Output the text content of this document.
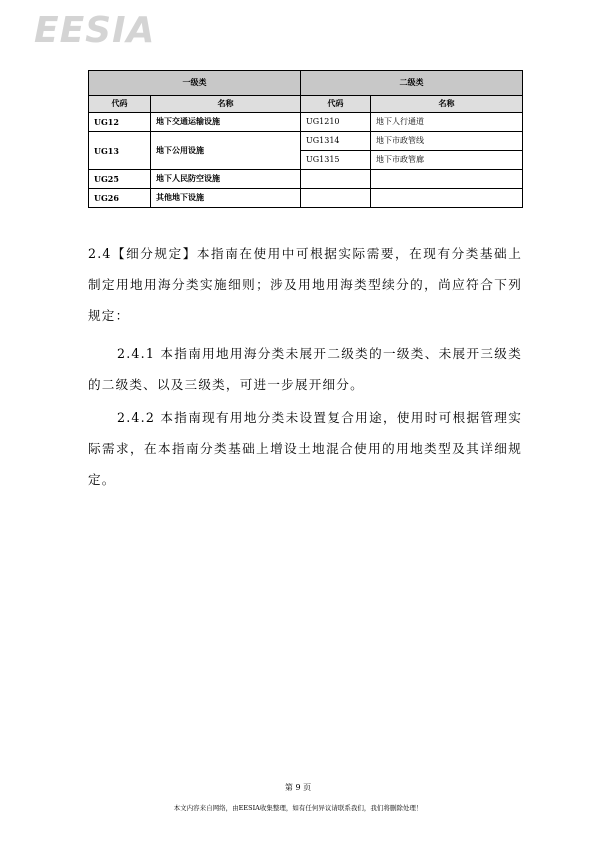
EESIA
一级类		二级类	
代码	名称	代码	名称
UG12	地下交通运输设施	UG1210	地下人行通道
UG13	地下公用设施	UG1314	地下市政管线
		UG1315	地下市政管廊
UG25	地下人民防空设施		
UG26	其他地下设施		

2.4【细分规定】本指南在使用中可根据实际需要，在现有分类基础上制定用地用海分类实施细则；涉及用地用海类型续分的，尚应符合下列规定：

2.4.1 本指南用地用海分类未展开二级类的一级类、未展开三级类的二级类、以及三级类，可进一步展开细分。

2.4.2 本指南现有用地分类未设置复合用途，使用时可根据管理实际需求，在本指南分类基础上增设土地混合使用的用地类型及其详细规定。

第 9 页
本文内容来自网络，由EESIA收集整理，如有任何异议请联系我们，我们将删除处理！
